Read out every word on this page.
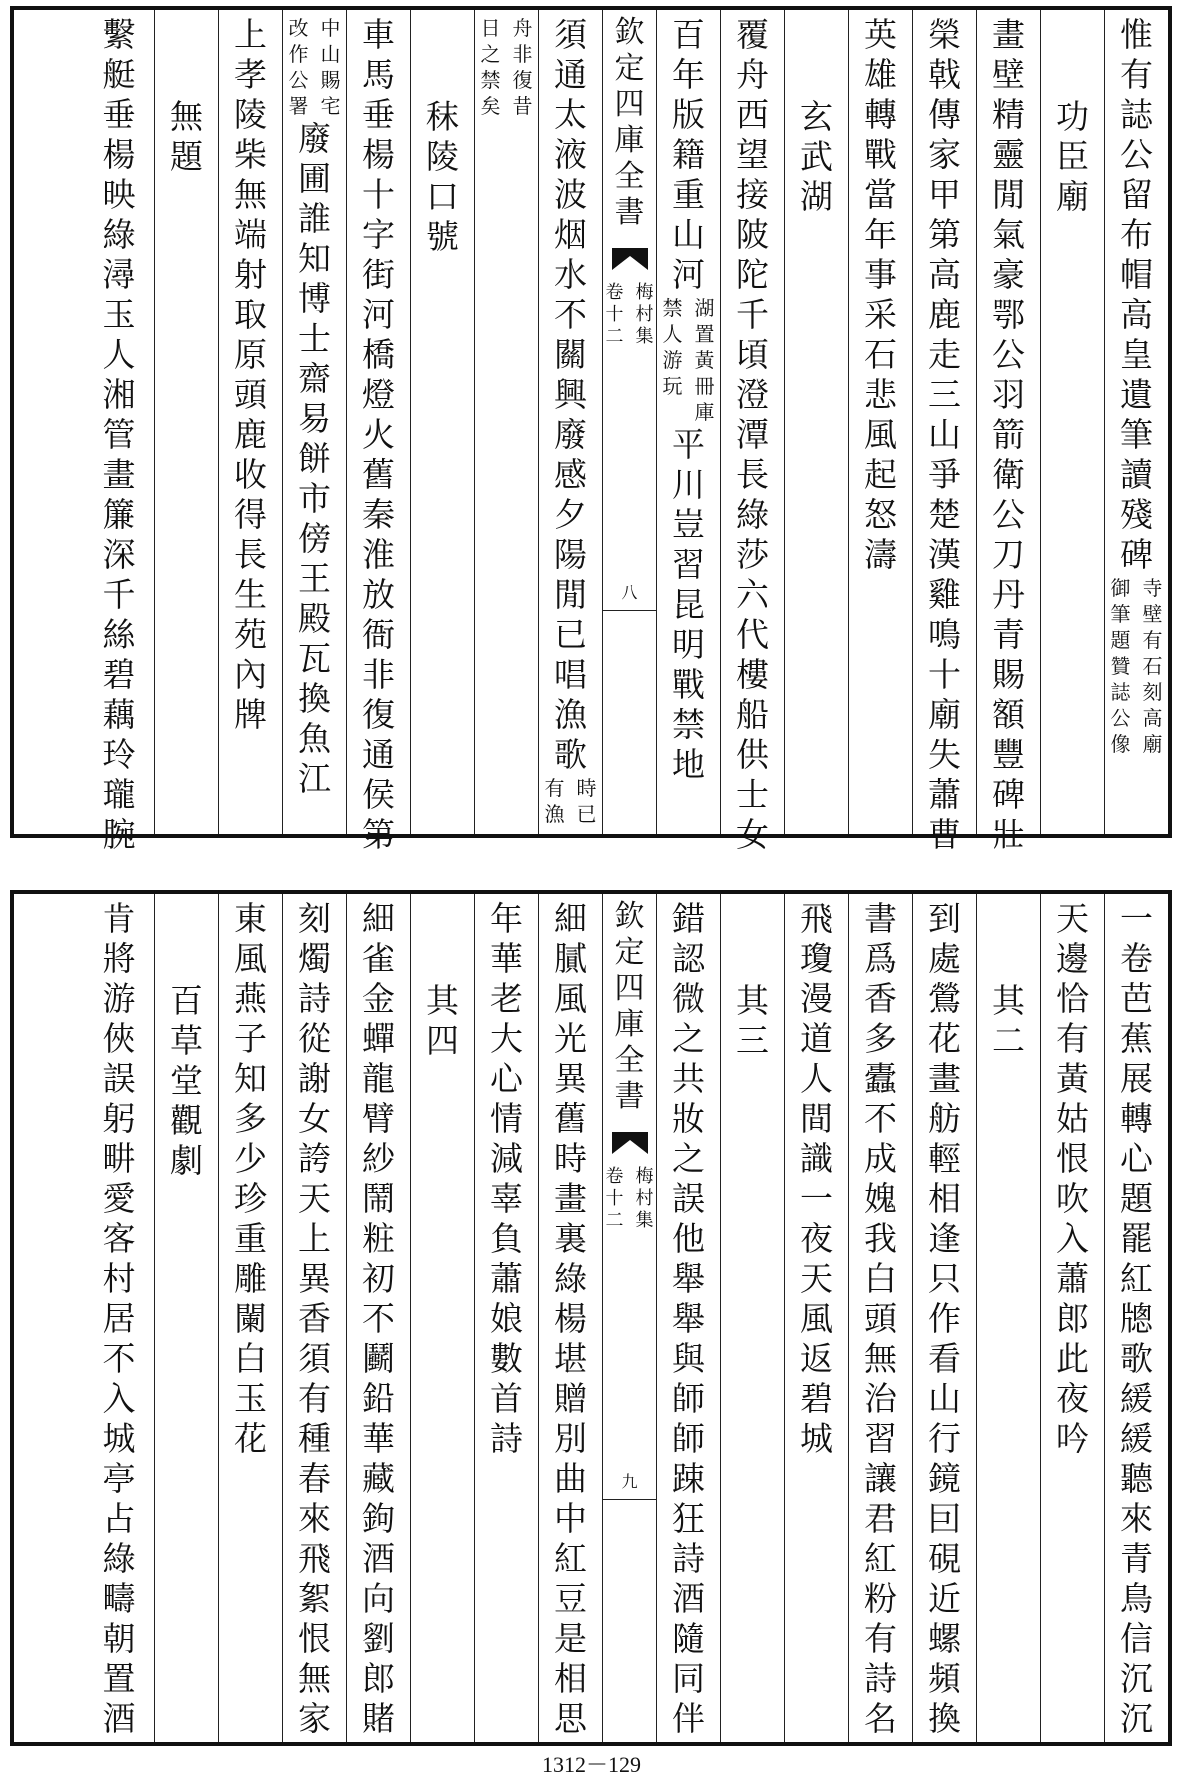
惟
有
誌
公
留
布
帽
高
皇
遺
筆
讀
殘
碑
寺
壁
有
石
刻
高
廟
御
筆
題
贊
誌
公
像
功
臣
廟
畫
壁
精
靈
閒
氣
豪
鄂
公
羽
箭
衛
公
刀
丹
青
賜
額
豐
碑
壯
榮
戟
傳
家
甲
第
高
鹿
走
三
山
爭
楚
漢
雞
鳴
十
廟
失
蕭
曹
英
雄
轉
戰
當
年
事
采
石
悲
風
起
怒
濤
玄
武
湖
覆
舟
西
望
接
陂
陀
千
頃
澄
潭
長
綠
莎
六
代
樓
船
供
士
女
百
年
版
籍
重
山
河
湖
置
黃
冊
庫
禁
人
游
玩
平
川
豈
習
昆
明
戰
禁
地
欽
定
四
庫
全
書
梅
村
集
卷
十
二
八
須
通
太
液
波
烟
水
不
關
興
廢
感
夕
陽
閒
已
唱
漁
歌
時
已
有
漁
舟
非
復
昔
日
之
禁
矣
秣
陵
口
號
車
馬
垂
楊
十
字
街
河
橋
燈
火
舊
秦
淮
放
衙
非
復
通
侯
第
中
山
賜
宅
改
作
公
署
廢
圃
誰
知
博
士
齋
易
餅
市
傍
王
殿
瓦
換
魚
江
上
孝
陵
柴
無
端
射
取
原
頭
鹿
收
得
長
生
苑
內
牌
無
題
繫
艇
垂
楊
映
綠
潯
玉
人
湘
管
畫
簾
深
千
絲
碧
藕
玲
瓏
腕
一
卷
芭
蕉
展
轉
心
題
罷
紅
牕
歌
緩
緩
聽
來
青
鳥
信
沉
沉
天
邊
恰
有
黃
姑
恨
吹
入
蕭
郎
此
夜
吟
其
二
到
處
鶯
花
畫
舫
輕
相
逢
只
作
看
山
行
鏡
囙
硯
近
螺
頻
換
書
爲
香
多
蠹
不
成
媿
我
白
頭
無
治
習
讓
君
紅
粉
有
詩
名
飛
瓊
漫
道
人
間
識
一
夜
天
風
返
碧
城
其
三
錯
認
微
之
共
妝
之
誤
他
舉
舉
與
師
師
踈
狂
詩
酒
隨
同
伴
欽
定
四
庫
全
書
梅
村
集
卷
十
二
九
細
膩
風
光
異
舊
時
畫
裏
綠
楊
堪
贈
別
曲
中
紅
豆
是
相
思
年
華
老
大
心
情
減
辜
負
蕭
娘
數
首
詩
其
四
細
雀
金
蟬
龍
臂
紗
鬧
粧
初
不
鬬
鉛
華
藏
鉤
酒
向
劉
郎
賭
刻
燭
詩
從
謝
女
誇
天
上
異
香
須
有
種
春
來
飛
絮
恨
無
家
東
風
燕
子
知
多
少
珍
重
雕
闌
白
玉
花
百
草
堂
觀
劇
肯
將
游
俠
誤
躬
畊
愛
客
村
居
不
入
城
亭
占
綠
疇
朝
置
酒
1312－129
